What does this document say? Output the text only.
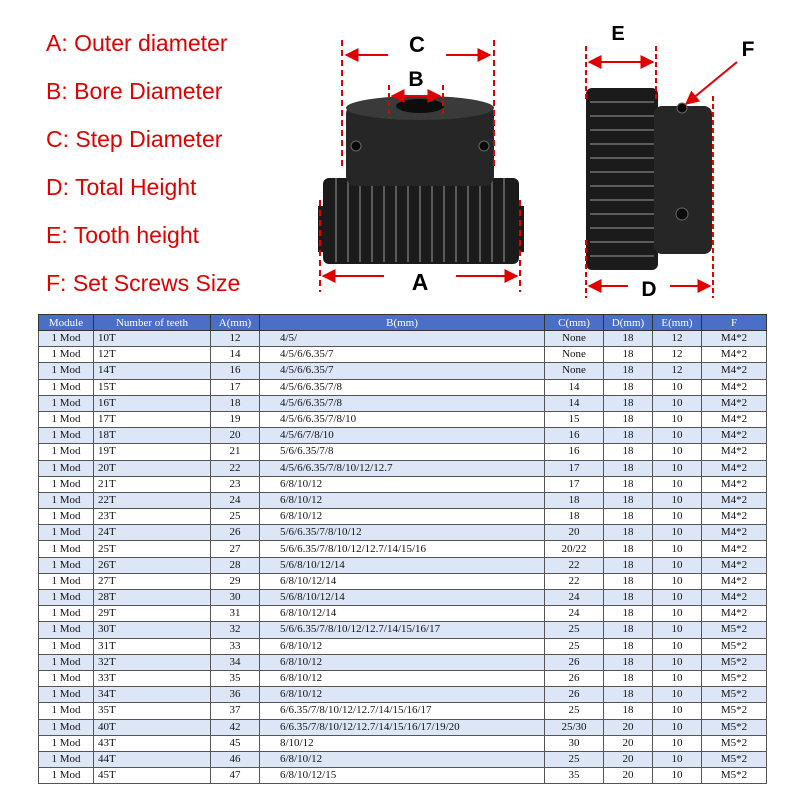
A: Outer diameter
B: Bore Diameter
C: Step Diameter
D: Total Height
E: Tooth height
F: Set Screws Size
C
B
A
E
F
D
Module	Number of teeth	A(mm)	B(mm)	C(mm)	D(mm)	E(mm)	F
1 Mod	10T	12	4/5/	None	18	12	M4*2
1 Mod	12T	14	4/5/6/6.35/7	None	18	12	M4*2
1 Mod	14T	16	4/5/6/6.35/7	None	18	12	M4*2
1 Mod	15T	17	4/5/6/6.35/7/8	14	18	10	M4*2
1 Mod	16T	18	4/5/6/6.35/7/8	14	18	10	M4*2
1 Mod	17T	19	4/5/6/6.35/7/8/10	15	18	10	M4*2
1 Mod	18T	20	4/5/6/7/8/10	16	18	10	M4*2
1 Mod	19T	21	5/6/6.35/7/8	16	18	10	M4*2
1 Mod	20T	22	4/5/6/6.35/7/8/10/12/12.7	17	18	10	M4*2
1 Mod	21T	23	6/8/10/12	17	18	10	M4*2
1 Mod	22T	24	6/8/10/12	18	18	10	M4*2
1 Mod	23T	25	6/8/10/12	18	18	10	M4*2
1 Mod	24T	26	5/6/6.35/7/8/10/12	20	18	10	M4*2
1 Mod	25T	27	5/6/6.35/7/8/10/12/12.7/14/15/16	20/22	18	10	M4*2
1 Mod	26T	28	5/6/8/10/12/14	22	18	10	M4*2
1 Mod	27T	29	6/8/10/12/14	22	18	10	M4*2
1 Mod	28T	30	5/6/8/10/12/14	24	18	10	M4*2
1 Mod	29T	31	6/8/10/12/14	24	18	10	M4*2
1 Mod	30T	32	5/6/6.35/7/8/10/12/12.7/14/15/16/17	25	18	10	M5*2
1 Mod	31T	33	6/8/10/12	25	18	10	M5*2
1 Mod	32T	34	6/8/10/12	26	18	10	M5*2
1 Mod	33T	35	6/8/10/12	26	18	10	M5*2
1 Mod	34T	36	6/8/10/12	26	18	10	M5*2
1 Mod	35T	37	6/6.35/7/8/10/12/12.7/14/15/16/17	25	18	10	M5*2
1 Mod	40T	42	6/6.35/7/8/10/12/12.7/14/15/16/17/19/20	25/30	20	10	M5*2
1 Mod	43T	45	8/10/12	30	20	10	M5*2
1 Mod	44T	46	6/8/10/12	25	20	10	M5*2
1 Mod	45T	47	6/8/10/12/15	35	20	10	M5*2
